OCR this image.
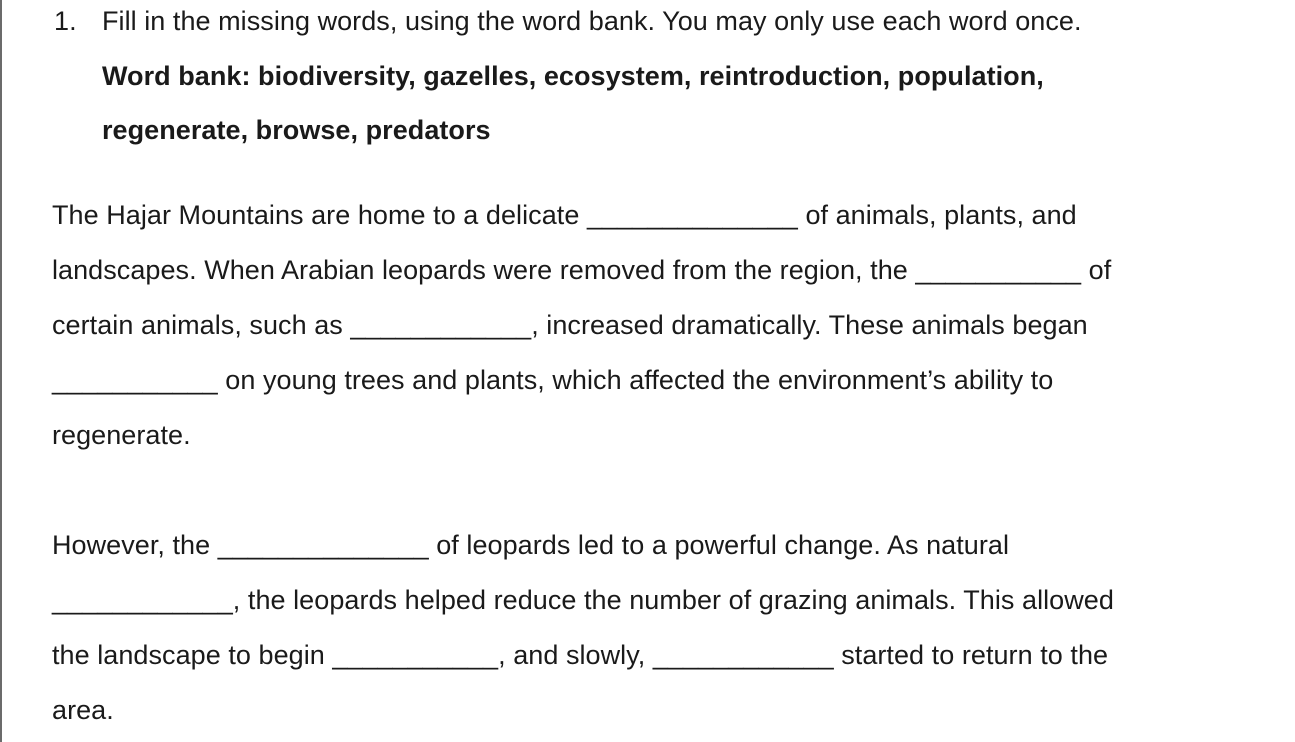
1. Fill in the missing words, using the word bank. You may only use each word once.
Word bank: biodiversity, gazelles, ecosystem, reintroduction, population,
regenerate, browse, predators
The Hajar Mountains are home to a delicate ______________ of animals, plants, and
landscapes. When Arabian leopards were removed from the region, the ___________ of
certain animals, such as ____________, increased dramatically. These animals began
___________ on young trees and plants, which affected the environment’s ability to
regenerate.
However, the ______________ of leopards led to a powerful change. As natural
____________, the leopards helped reduce the number of grazing animals. This allowed
the landscape to begin ___________, and slowly, ____________ started to return to the
area.
